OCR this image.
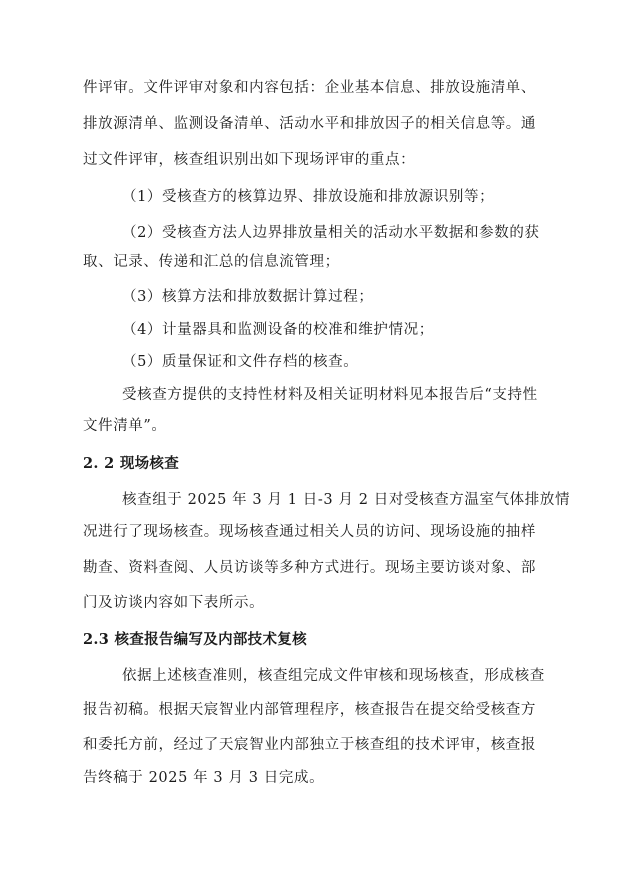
件评审。文件评审对象和内容包括：企业基本信息、排放设施清单、
排放源清单、监测设备清单、活动水平和排放因子的相关信息等。通
过文件评审，核查组识别出如下现场评审的重点：
（1）受核查方的核算边界、排放设施和排放源识别等；
（2）受核查方法人边界排放量相关的活动水平数据和参数的获
取、记录、传递和汇总的信息流管理；
（3）核算方法和排放数据计算过程；
（4）计量器具和监测设备的校准和维护情况；
（5）质量保证和文件存档的核查。
受核查方提供的支持性材料及相关证明材料见本报告后“支持性
文件清单”。
2. 2 现场核查
核查组于 2025 年 3 月 1 日-3 月 2 日对受核查方温室气体排放情
况进行了现场核查。现场核查通过相关人员的访问、现场设施的抽样
勘查、资料查阅、人员访谈等多种方式进行。现场主要访谈对象、部
门及访谈内容如下表所示。
2.3 核查报告编写及内部技术复核
依据上述核查准则，核查组完成文件审核和现场核查，形成核查
报告初稿。根据天宸智业内部管理程序，核查报告在提交给受核查方
和委托方前，经过了天宸智业内部独立于核查组的技术评审，核查报
告终稿于 2025 年 3 月 3 日完成。
